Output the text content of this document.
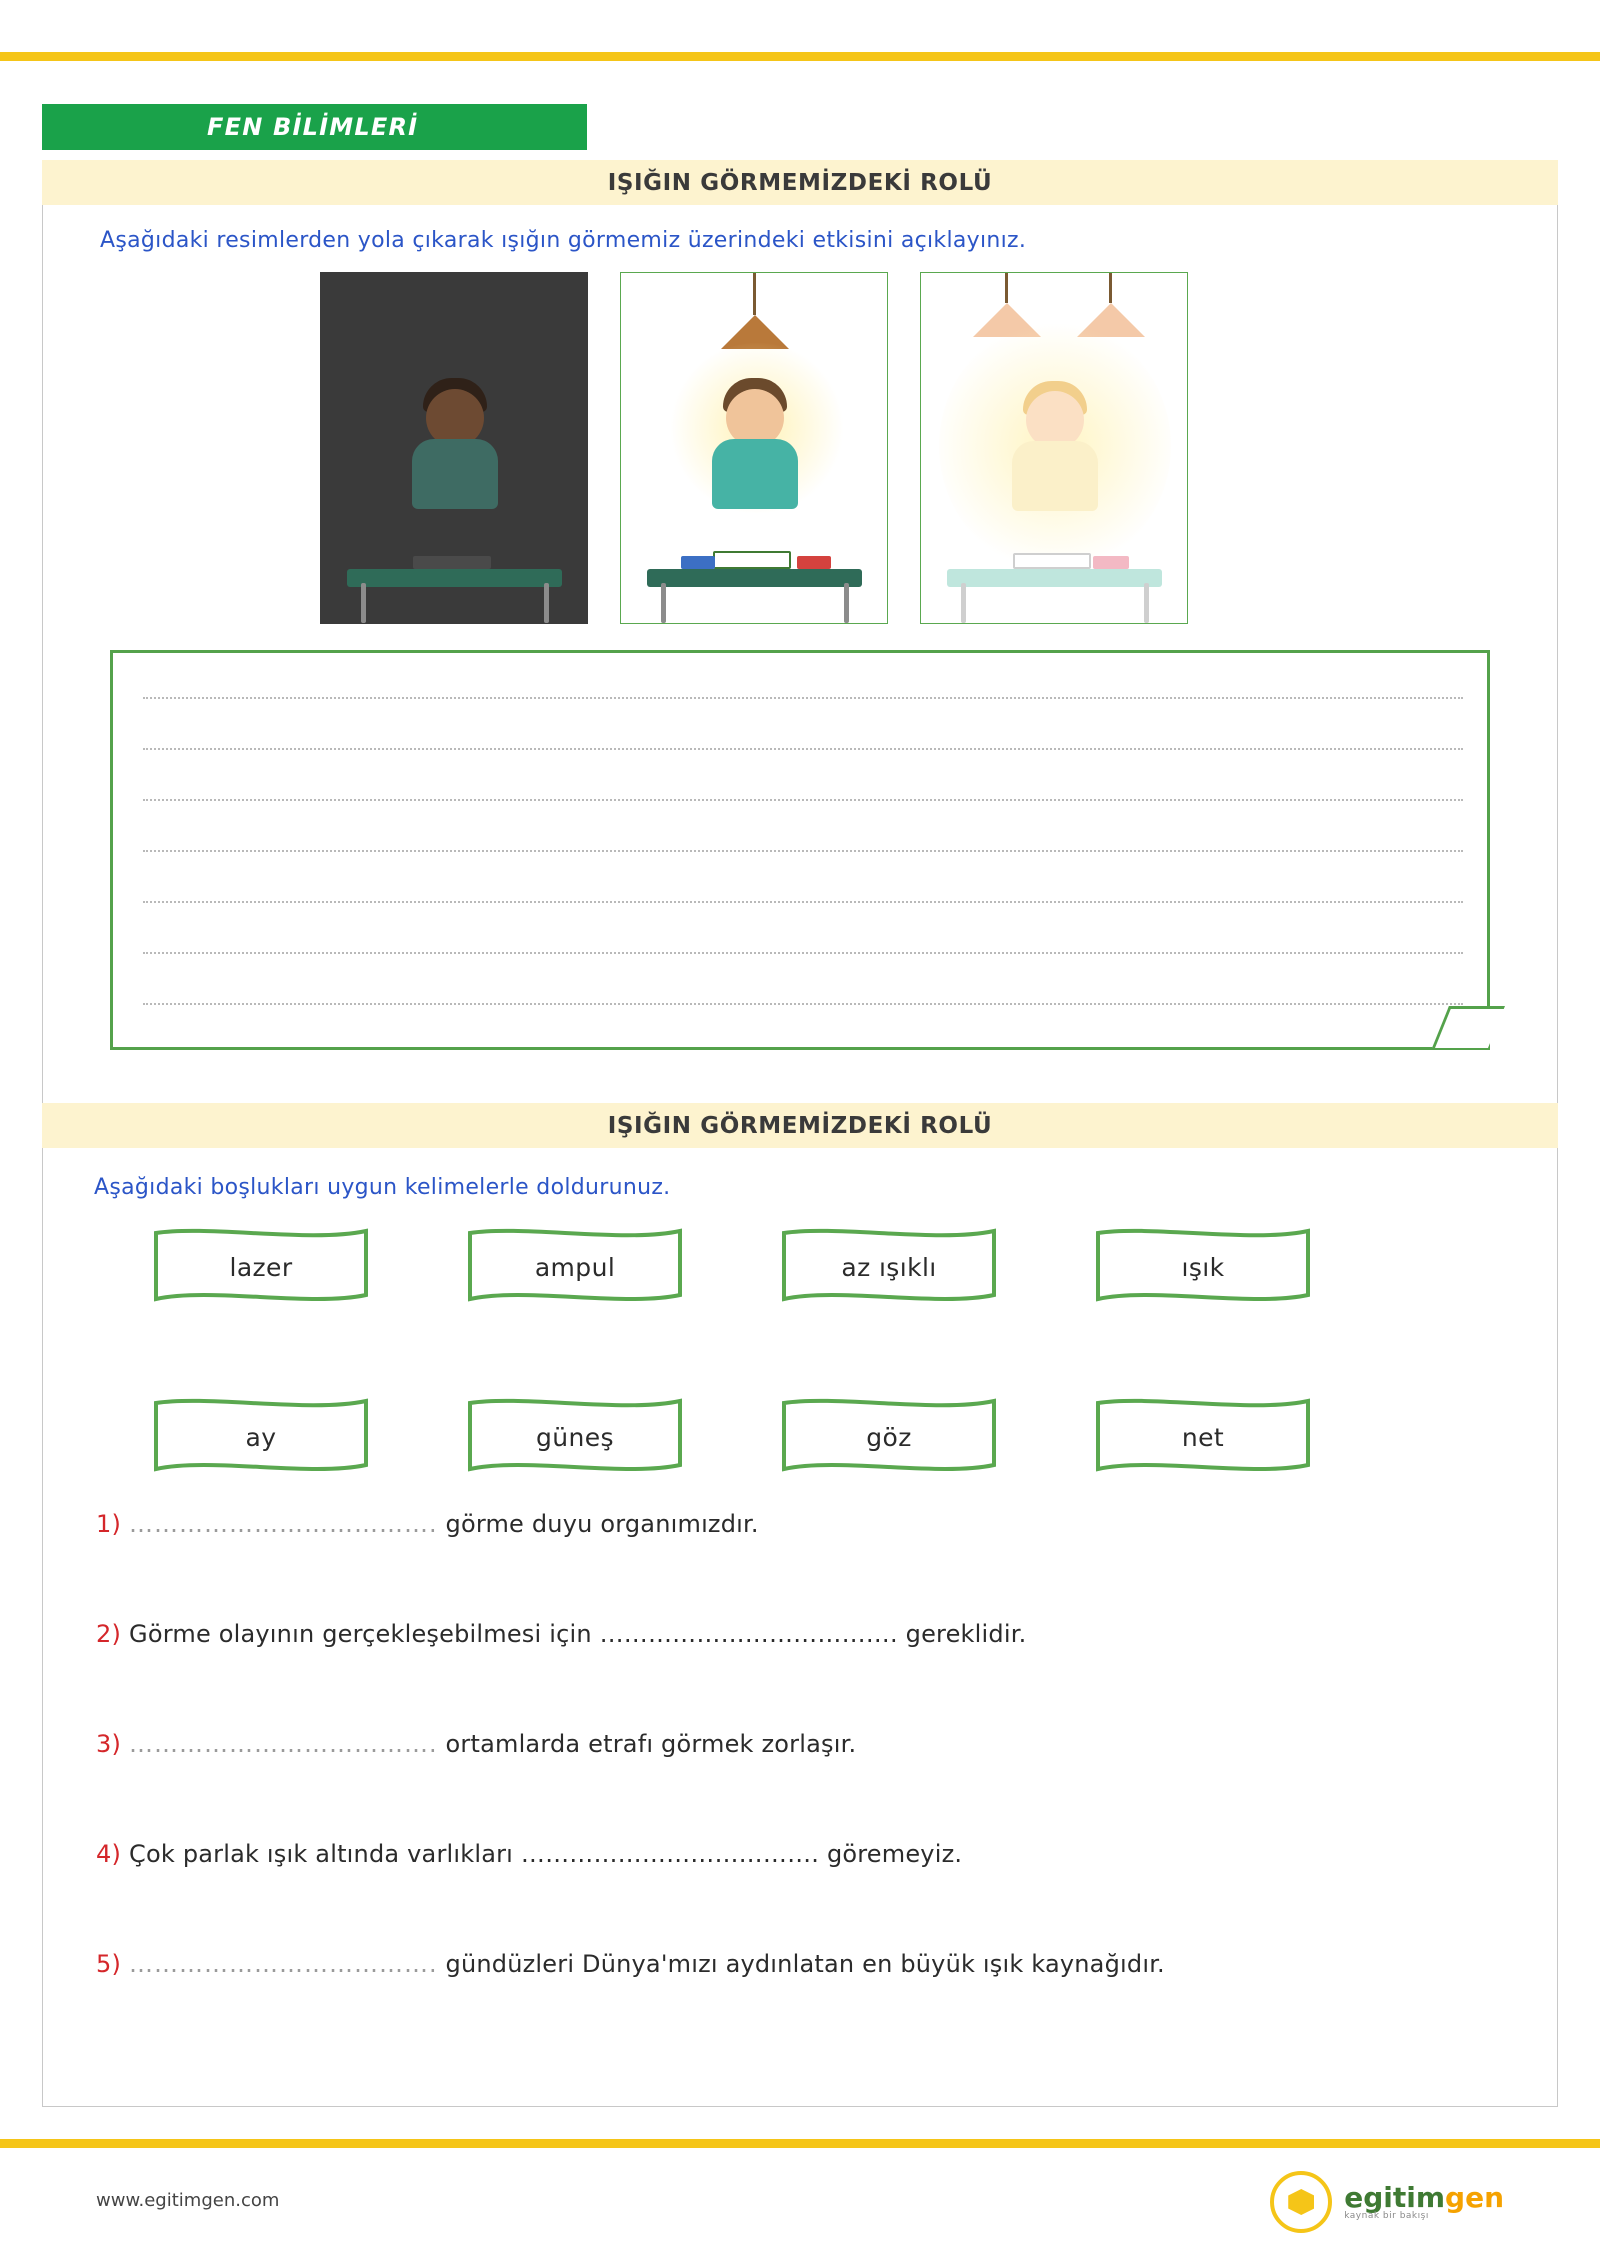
FEN BİLİMLERİ
IŞIĞIN GÖRMEMİZDEKİ ROLÜ
Aşağıdaki resimlerden yola çıkarak ışığın görmemiz üzerindeki etkisini açıklayınız.
IŞIĞIN GÖRMEMİZDEKİ ROLÜ
Aşağıdaki boşlukları uygun kelimelerle doldurunuz.
lazer	ampul	az ışıklı	ışık
ay	güneş	göz	net
1) ………………………………. görme duyu organımızdır.
2) Görme olayının gerçekleşebilmesi için ………………………………. gereklidir.
3) ………………………………. ortamlarda etrafı görmek zorlaşır.
4) Çok parlak ışık altında varlıkları ………………………………. göremeyiz.
5) ………………………………. gündüzleri Dünya'mızı aydınlatan en büyük ışık kaynağıdır.
www.egitimgen.com	egitimgen
kaynak bir bakışı
